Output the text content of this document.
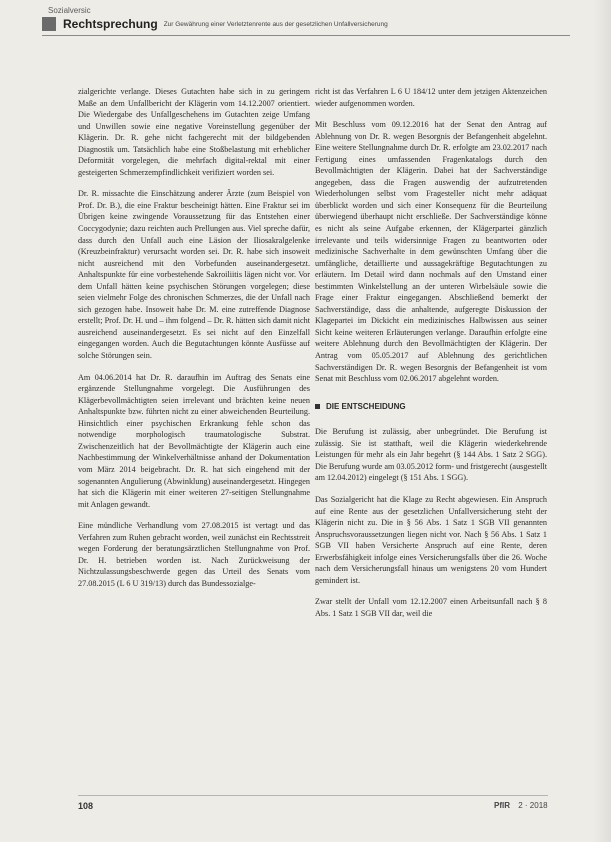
Sozialversic
Rechtsprechung Zur Gewährung einer Verletztenrente aus der gesetzlichen Unfallversicherung

zialgerichte verlange. Dieses Gutachten habe sich in zu geringem Maße an dem Unfallbericht der Klägerin vom 14.12.2007 orientiert. Die Wiedergabe des Unfallgeschehens im Gutachten zeige Umfang und Unwillen sowie eine negative Voreinstellung gegenüber der Klägerin. Dr. R. gehe nicht fachgerecht mit der bildgebenden Diagnostik um. Tatsächlich habe eine Stoßbelastung mit erheblicher Deformität vorgelegen, die mehrfach digital-rektal mit einer gesteigerten Schmerzempfindlichkeit verifiziert worden sei.

Dr. R. missachte die Einschätzung anderer Ärzte (zum Beispiel von Prof. Dr. B.), die eine Fraktur bescheinigt hätten. Eine Fraktur sei im Übrigen keine zwingende Voraussetzung für das Entstehen einer Coccygodynie; dazu reichten auch Prellungen aus. Viel spreche dafür, dass durch den Unfall auch eine Läsion der Iliosakralgelenke (Kreuzbeinfraktur) verursacht worden sei. Dr. R. habe sich insoweit nicht ausreichend mit den Vorbefunden auseinandergesetzt. Anhaltspunkte für eine vorbestehende Sakroiliitis lägen nicht vor. Vor dem Unfall hätten keine psychischen Störungen vorgelegen; diese seien vielmehr Folge des chronischen Schmerzes, die der Unfall nach sich gezogen habe. Insoweit habe Dr. M. eine zutreffende Diagnose erstellt; Prof. Dr. H. und – ihm folgend – Dr. R. hätten sich damit nicht ausreichend auseinandergesetzt. Es sei nicht auf den Einzelfall eingegangen worden. Auch die Begutachtungen könnte Ausfüsse auf solche Störungen sein.

Am 04.06.2014 hat Dr. R. daraufhin im Auftrag des Senats eine ergänzende Stellungnahme vorgelegt. Die Ausführungen des Klägerbevollmächtigten seien irrelevant und brächten keine neuen Anhaltspunkte bzw. führten nicht zu einer abweichenden Beurteilung. Hinsichtlich einer psychischen Erkrankung fehle schon das notwendige morphologisch traumatologische Substrat. Zwischenzeitlich hat der Bevollmächtigte der Klägerin auch eine Nachbestimmung der Winkelverhältnisse anhand der Dokumentation vom März 2014 beigebracht. Dr. R. hat sich eingehend mit der sogenannten Angulierung (Abwinklung) auseinandergesetzt. Hingegen hat sich die Klägerin mit einer weiteren 27-seitigen Stellungnahme mit Anlagen gewandt.

Eine mündliche Verhandlung vom 27.08.2015 ist vertagt und das Verfahren zum Ruhen gebracht worden, weil zunächst ein Rechtsstreit wegen Forderung der beratungsärztlichen Stellungnahme von Prof. Dr. H. betrieben worden ist. Nach Zurückweisung der Nichtzulassungsbeschwerde gegen das Urteil des Senats vom 27.08.2015 (L 6 U 319/13) durch das Bundessozialge-

richt ist das Verfahren L 6 U 184/12 unter dem jetzigen Aktenzeichen wieder aufgenommen worden.

Mit Beschluss vom 09.12.2016 hat der Senat den Antrag auf Ablehnung von Dr. R. wegen Besorgnis der Befangenheit abgelehnt. Eine weitere Stellungnahme durch Dr. R. erfolgte am 23.02.2017 nach Fertigung eines umfassenden Fragenkatalogs durch den Bevollmächtigten der Klägerin. Dabei hat der Sachverständige angegeben, dass die Fragen auswendig der aufzutretenden Wiederholungen selbst vom Fragesteller nicht mehr adäquat überblickt worden und sich einer Konsequenz für die Beurteilung überwiegend überhaupt nicht erschließe. Der Sachverständige könne es nicht als seine Aufgabe erkennen, der Klägerpartei gänzlich irrelevante und teils widersinnige Fragen zu beantworten oder medizinische Sachverhalte in dem gewünschten Umfang über die umfängliche, detaillierte und aussagekräftige Begutachtungen zu erläutern. Im Detail wird dann nochmals auf den Umstand einer bestimmten Winkelstellung an der unteren Wirbelsäule sowie die Frage einer Fraktur eingegangen. Abschließend bemerkt der Sachverständige, dass die anhaltende, aufgeregte Diskussion der Klagepartei im Dickicht ein medizinisches Halbwissen aus seiner Sicht keine weiteren Erläuterungen verlange. Daraufhin erfolgte eine weitere Ablehnung durch den Bevollmächtigten der Klägerin. Der Antrag vom 05.05.2017 auf Ablehnung des gerichtlichen Sachverständigen Dr. R. wegen Besorgnis der Befangenheit ist vom Senat mit Beschluss vom 02.06.2017 abgelehnt worden.

DIE ENTSCHEIDUNG

Die Berufung ist zulässig, aber unbegründet. Die Berufung ist zulässig. Sie ist statthaft, weil die Klägerin wiederkehrende Leistungen für mehr als ein Jahr begehrt (§ 144 Abs. 1 Satz 2 SGG). Die Berufung wurde am 03.05.2012 form- und fristgerecht (ausgestellt am 12.04.2012) eingelegt (§ 151 Abs. 1 SGG).

Das Sozialgericht hat die Klage zu Recht abgewiesen. Ein Anspruch auf eine Rente aus der gesetzlichen Unfallversicherung steht der Klägerin nicht zu. Die in § 56 Abs. 1 Satz 1 SGB VII genannten Anspruchsvoraussetzungen liegen nicht vor. Nach § 56 Abs. 1 Satz 1 SGB VII haben Versicherte Anspruch auf eine Rente, deren Erwerbsfähigkeit infolge eines Versicherungsfalls über die 26. Woche nach dem Versicherungsfall hinaus um wenigstens 20 vom Hundert gemindert ist.

Zwar stellt der Unfall vom 12.12.2007 einen Arbeitsunfall nach § 8 Abs. 1 Satz 1 SGB VII dar, weil die

108	PflR 2 · 2018
